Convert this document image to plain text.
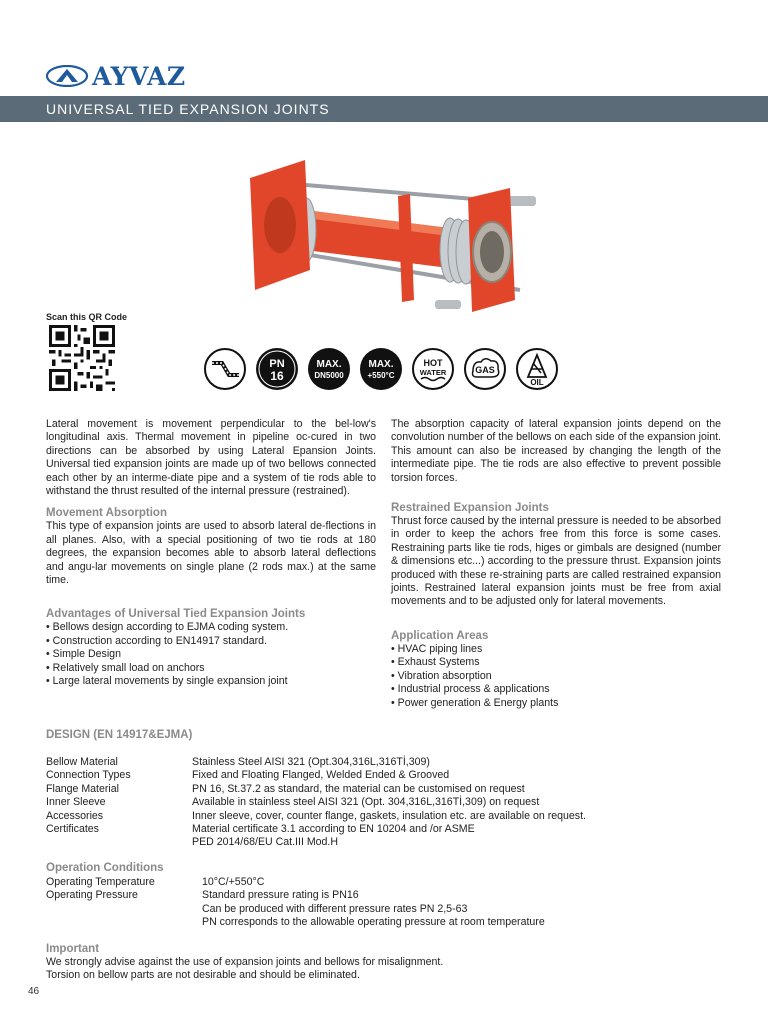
AYVAZ
UNIVERSAL TIED EXPANSION JOINTS
Scan this QR Code
PN
16
MAX.
DN5000
MAX.
+550°C
HOT
WATER	GAS
OIL

Lateral movement is movement perpendicular to the bel-low's longitudinal axis. Thermal movement in pipeline oc-cured in two directions can be absorbed by using Lateral Epansion Joints. Universal tied expansion joints are made up of two bellows connected each other by an interme-diate pipe and a system of tie rods able to withstand the thrust resulted of the internal pressure (restrained).

Movement Absorption

This type of expansion joints are used to absorb lateral de-flections in all planes. Also, with a special positioning of two tie rods at 180 degrees, the expansion becomes able to absorb lateral deflections and angu-lar movements on single plane (2 rods max.) at the same time.

Advantages of Universal Tied Expansion Joints

• Bellows design according to EJMA coding system.
• Construction according to EN14917 standard.
• Simple Design
• Relatively small load on anchors
• Large lateral movements by single expansion joint

The absorption capacity of lateral expansion joints depend on the convolution number of the bellows on each side of the expansion joint. This amount can also be increased by changing the length of the intermediate pipe. The tie rods are also effective to prevent possible torsion forces.

Restrained Expansion Joints

Thrust force caused by the internal pressure is needed to be absorbed in order to keep the achors free from this force is some cases. Restraining parts like tie rods, higes or gimbals are designed (number & dimensions etc...) according to the pressure thrust. Expansion joints produced with these re-straining parts are called restrained expansion joints. Restrained lateral expansion joints must be free from axial movements and to be adjusted only for lateral movements.

Application Areas

• HVAC piping lines
• Exhaust Systems
• Vibration absorption
• Industrial process & applications
• Power generation & Energy plants

DESIGN (EN 14917&EJMA)

Bellow Material	Stainless Steel AISI 321 (Opt.304,316L,316Tİ,309)
Connection Types	Fixed and Floating Flanged, Welded Ended & Grooved
Flange Material	PN 16, St.37.2 as standard, the material can be customised on request
Inner Sleeve	Available in stainless steel AISI 321 (Opt. 304,316L,316Tİ,309) on request
Accessories	Inner sleeve, cover, counter flange, gaskets, insulation etc. are available on request.
Certificates	Material certificate 3.1 according to EN 10204 and /or ASME
	PED 2014/68/EU Cat.III Mod.H

Operation Conditions

Operating Temperature	10°C/+550°C
Operating Pressure	Standard pressure rating is PN16
	Can be produced with different pressure rates PN 2,5-63
	PN corresponds to the allowable operating pressure at room temperature

Important

We strongly advise against the use of expansion joints and bellows for misalignment.

Torsion on bellow parts are not desirable and should be eliminated.

46
